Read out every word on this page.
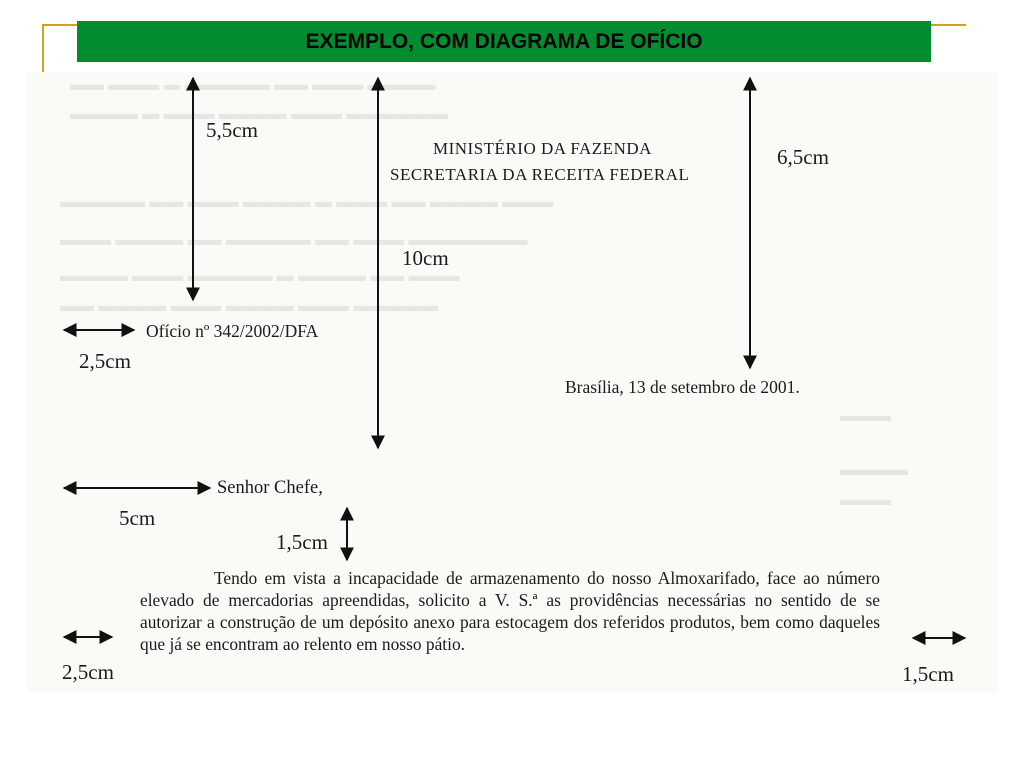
EXEMPLO, COM DIAGRAMA DE OFÍCIO
▬▬ ▬▬▬ ▬ ▬▬▬▬▬ ▬▬ ▬▬▬ ▬▬▬▬
▬▬▬▬ ▬ ▬▬▬ ▬▬▬▬ ▬▬▬ ▬▬▬▬▬▬
▬▬▬▬▬ ▬▬ ▬▬▬ ▬▬▬▬ ▬ ▬▬▬ ▬▬ ▬▬▬▬ ▬▬▬
▬▬▬ ▬▬▬▬ ▬▬ ▬▬▬▬▬ ▬▬ ▬▬▬ ▬▬▬▬▬▬▬
▬▬▬▬ ▬▬▬ ▬▬▬▬▬ ▬ ▬▬▬▬ ▬▬ ▬▬▬
▬▬ ▬▬▬▬ ▬▬▬ ▬▬▬▬ ▬▬▬ ▬▬▬▬▬
▬▬▬
▬▬▬▬
▬▬▬
MINISTÉRIO DA FAZENDA
SECRETARIA DA RECEITA FEDERAL
Ofício nº 342/2002/DFA
Brasília, 13 de setembro de 2001.
Senhor Chefe,
Tendo em vista a incapacidade de armazenamento do nosso Almoxarifado, face ao número elevado de mercadorias apreendidas, solicito a V. S.ª as providências necessárias no sentido de se autorizar a construção de um depósito anexo para estocagem dos referidos produtos, bem como daqueles que já se encontram ao relento em nosso pátio.
5,5cm
10cm
6,5cm
2,5cm
5cm
1,5cm
2,5cm	1,5cm
